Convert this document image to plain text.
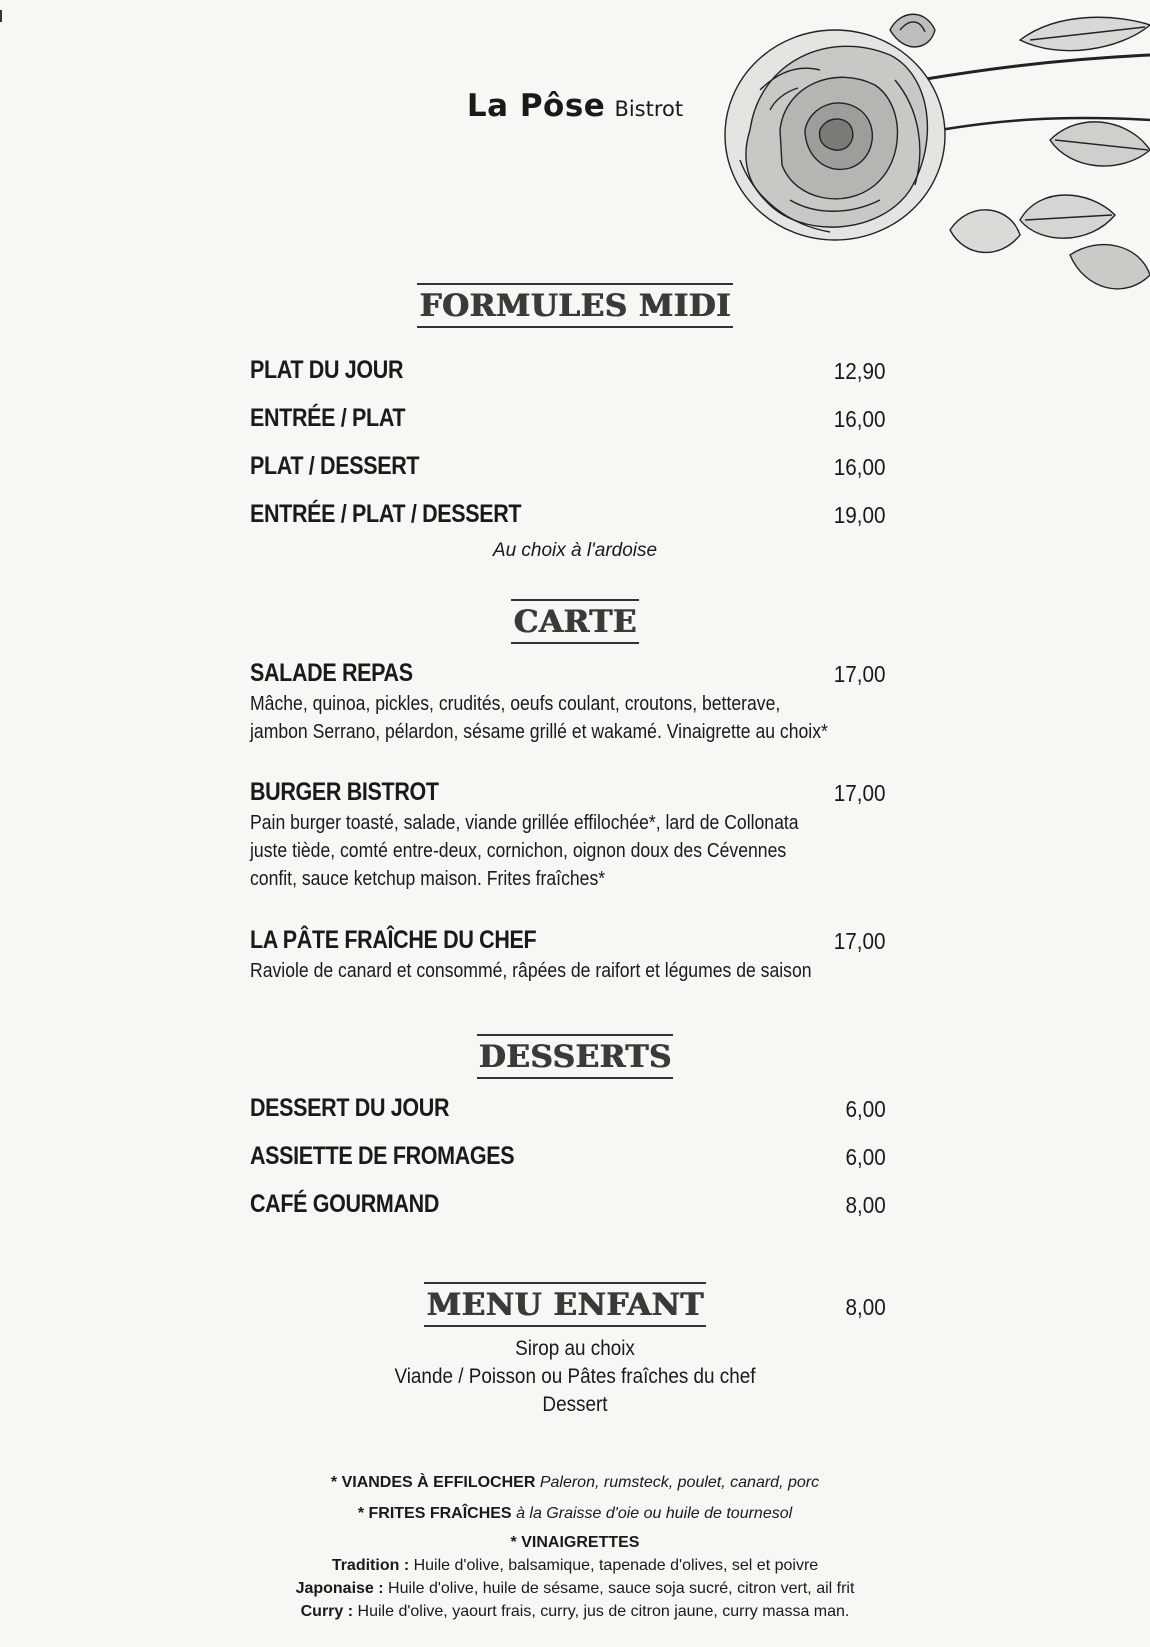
La Pôse Bistrot
FORMULES MIDI
PLAT DU JOUR	12,90
ENTRÉE / PLAT	16,00
PLAT / DESSERT	16,00
ENTRÉE / PLAT / DESSERT	19,00
Au choix à l'ardoise
CARTE
SALADE REPAS	17,00
Mâche, quinoa, pickles, crudités, oeufs coulant, croutons, betterave,
jambon Serrano, pélardon, sésame grillé et wakamé. Vinaigrette au choix*
BURGER BISTROT	17,00
Pain burger toasté, salade, viande grillée effilochée*, lard de Collonata
juste tiède, comté entre-deux, cornichon, oignon doux des Cévennes
confit, sauce ketchup maison. Frites fraîches*
LA PÂTE FRAÎCHE DU CHEF	17,00
Raviole de canard et consommé, râpées de raifort et légumes de saison
DESSERTS
DESSERT DU JOUR	6,00
ASSIETTE DE FROMAGES	6,00
CAFÉ GOURMAND	8,00
MENU ENFANT	8,00
Sirop au choix
Viande / Poisson ou Pâtes fraîches du chef
Dessert
* VIANDES À EFFILOCHER Paleron, rumsteck, poulet, canard, porc
* FRITES FRAÎCHES à la Graisse d'oie ou huile de tournesol
* VINAIGRETTES
Tradition : Huile d'olive, balsamique, tapenade d'olives, sel et poivre
Japonaise : Huile d'olive, huile de sésame, sauce soja sucré, citron vert, ail frit
Curry : Huile d'olive, yaourt frais, curry, jus de citron jaune, curry massa man.
